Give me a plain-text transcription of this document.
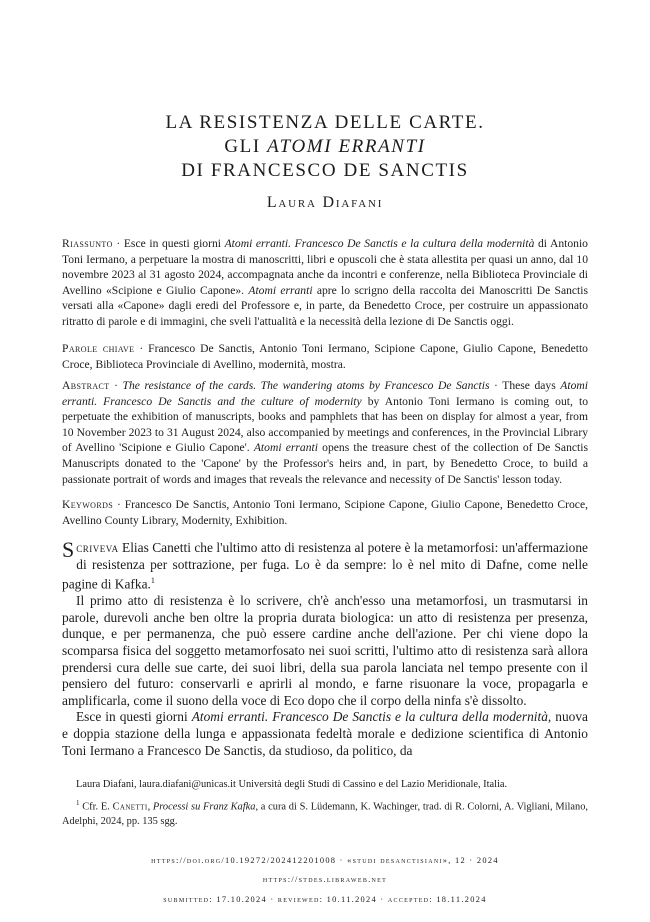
LA RESISTENZA DELLE CARTE.

GLI ATOMI ERRANTI

DI FRANCESCO DE SANCTIS

Laura Diafani

Riassunto · Esce in questi giorni Atomi erranti. Francesco De Sanctis e la cultura della modernità di Antonio Toni Iermano, a perpetuare la mostra di manoscritti, libri e opuscoli che è stata allestita per quasi un anno, dal 10 novembre 2023 al 31 agosto 2024, accompagnata anche da incontri e conferenze, nella Biblioteca Provinciale di Avellino «Scipione e Giulio Capone». Atomi erranti apre lo scrigno della raccolta dei Manoscritti De Sanctis versati alla «Capone» dagli eredi del Professore e, in parte, da Benedetto Croce, per costruire un appassionato ritratto di parole e di immagini, che sveli l'attualità e la necessità della lezione di De Sanctis oggi.

Parole chiave · Francesco De Sanctis, Antonio Toni Iermano, Scipione Capone, Giulio Capone, Benedetto Croce, Biblioteca Provinciale di Avellino, modernità, mostra.

Abstract · The resistance of the cards. The wandering atoms by Francesco De Sanctis · These days Atomi erranti. Francesco De Sanctis and the culture of modernity by Antonio Toni Iermano is coming out, to perpetuate the exhibition of manuscripts, books and pamphlets that has been on display for almost a year, from 10 November 2023 to 31 August 2024, also accompanied by meetings and conferences, in the Provincial Library of Avellino 'Scipione e Giulio Capone'. Atomi erranti opens the treasure chest of the collection of De Sanctis Manuscripts donated to the 'Capone' by the Professor's heirs and, in part, by Benedetto Croce, to build a passionate portrait of words and images that reveals the relevance and necessity of De Sanctis' lesson today.

Keywords · Francesco De Sanctis, Antonio Toni Iermano, Scipione Capone, Giulio Capone, Benedetto Croce, Avellino County Library, Modernity, Exhibition.

Scriveva Elias Canetti che l'ultimo atto di resistenza al potere è la metamorfosi: un'affermazione di resistenza per sottrazione, per fuga. Lo è da sempre: lo è nel mito di Dafne, come nelle pagine di Kafka.$^1$

Il primo atto di resistenza è lo scrivere, ch'è anch'esso una metamorfosi, un trasmutarsi in parole, durevoli anche ben oltre la propria durata biologica: un atto di resistenza per presenza, dunque, e per permanenza, che può essere cardine anche dell'azione. Per chi viene dopo la scomparsa fisica del soggetto metamorfosato nei suoi scritti, l'ultimo atto di resistenza sarà allora prendersi cura delle sue carte, dei suoi libri, della sua parola lanciata nel tempo presente con il pensiero del futuro: conservarli e aprirli al mondo, e farne risuonare la voce, propagarla e amplificarla, come il suono della voce di Eco dopo che il corpo della ninfa s'è dissolto.

Esce in questi giorni Atomi erranti. Francesco De Sanctis e la cultura della modernità, nuova e doppia stazione della lunga e appassionata fedeltà morale e dedizione scientifica di Antonio Toni Iermano a Francesco De Sanctis, da studioso, da politico, da

Laura Diafani, laura.diafani@unicas.it Università degli Studi di Cassino e del Lazio Meridionale, Italia.

$^1$ Cfr. E. Canetti, Processi su Franz Kafka, a cura di S. Lüdemann, K. Wachinger, trad. di R. Colorni, A. Vigliani, Milano, Adelphi, 2024, pp. 135 sgg.

https://doi.org/10.19272/202412201008 · «studi desanctisiani», 12 · 2024
https://stdes.libraweb.net
submitted: 17.10.2024 · reviewed: 10.11.2024 · accepted: 18.11.2024
